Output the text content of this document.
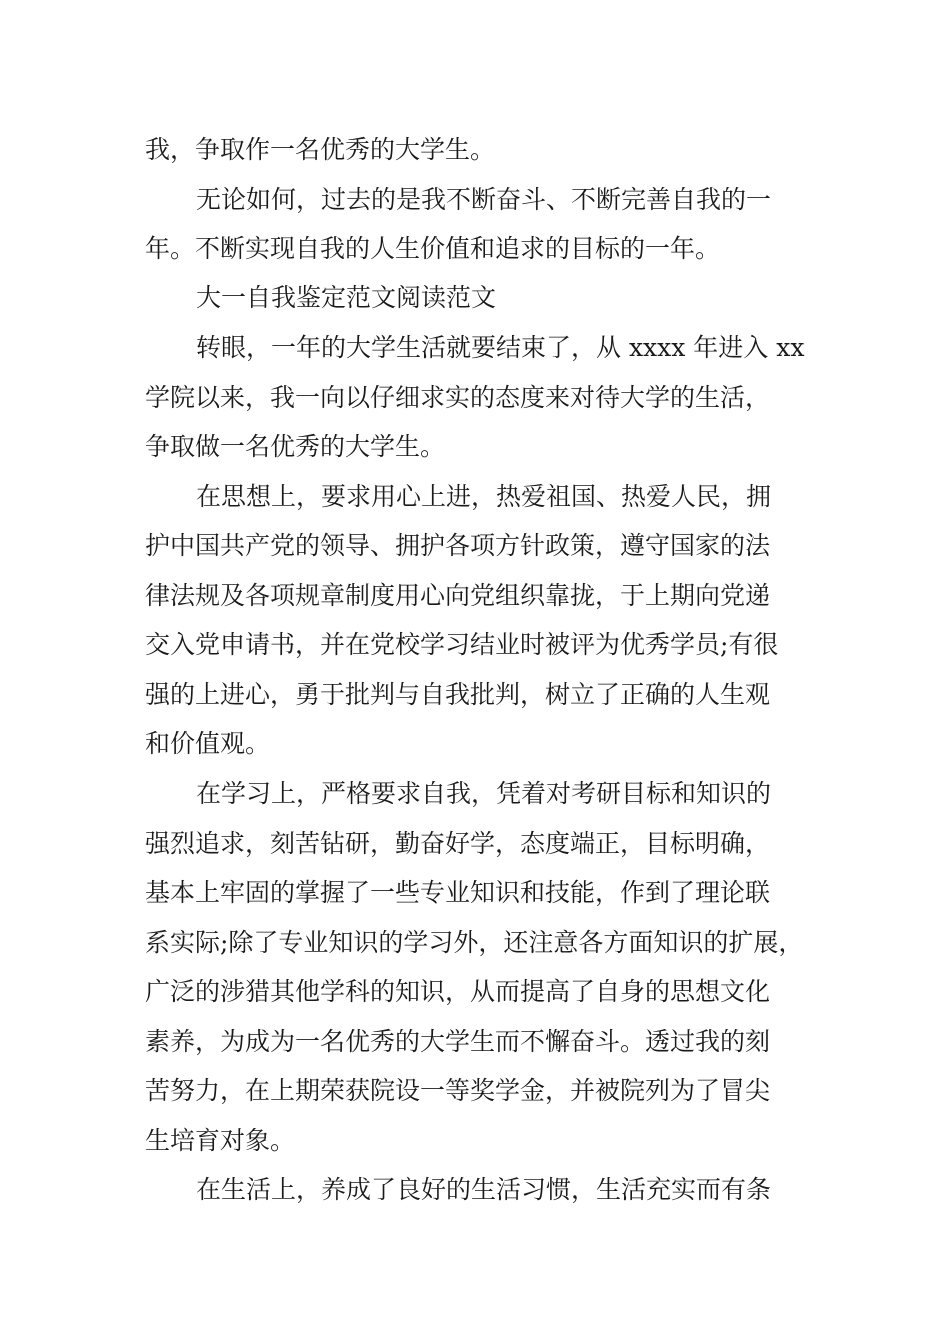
我，争取作一名优秀的大学生。

无论如何，过去的是我不断奋斗、不断完善自我的一

年。不断实现自我的人生价值和追求的目标的一年。

大一自我鉴定范文阅读范文

转眼，一年的大学生活就要结束了，从 xxxx 年进入 xx

学院以来，我一向以仔细求实的态度来对待大学的生活，

争取做一名优秀的大学生。

在思想上，要求用心上进，热爱祖国、热爱人民，拥

护中国共产党的领导、拥护各项方针政策，遵守国家的法

律法规及各项规章制度用心向党组织靠拢，于上期向党递

交入党申请书，并在党校学习结业时被评为优秀学员;有很

强的上进心，勇于批判与自我批判，树立了正确的人生观

和价值观。

在学习上，严格要求自我，凭着对考研目标和知识的

强烈追求，刻苦钻研，勤奋好学，态度端正，目标明确，

基本上牢固的掌握了一些专业知识和技能，作到了理论联

系实际;除了专业知识的学习外，还注意各方面知识的扩展，

广泛的涉猎其他学科的知识，从而提高了自身的思想文化

素养，为成为一名优秀的大学生而不懈奋斗。透过我的刻

苦努力，在上期荣获院设一等奖学金，并被院列为了冒尖

生培育对象。

在生活上，养成了良好的生活习惯，生活充实而有条
